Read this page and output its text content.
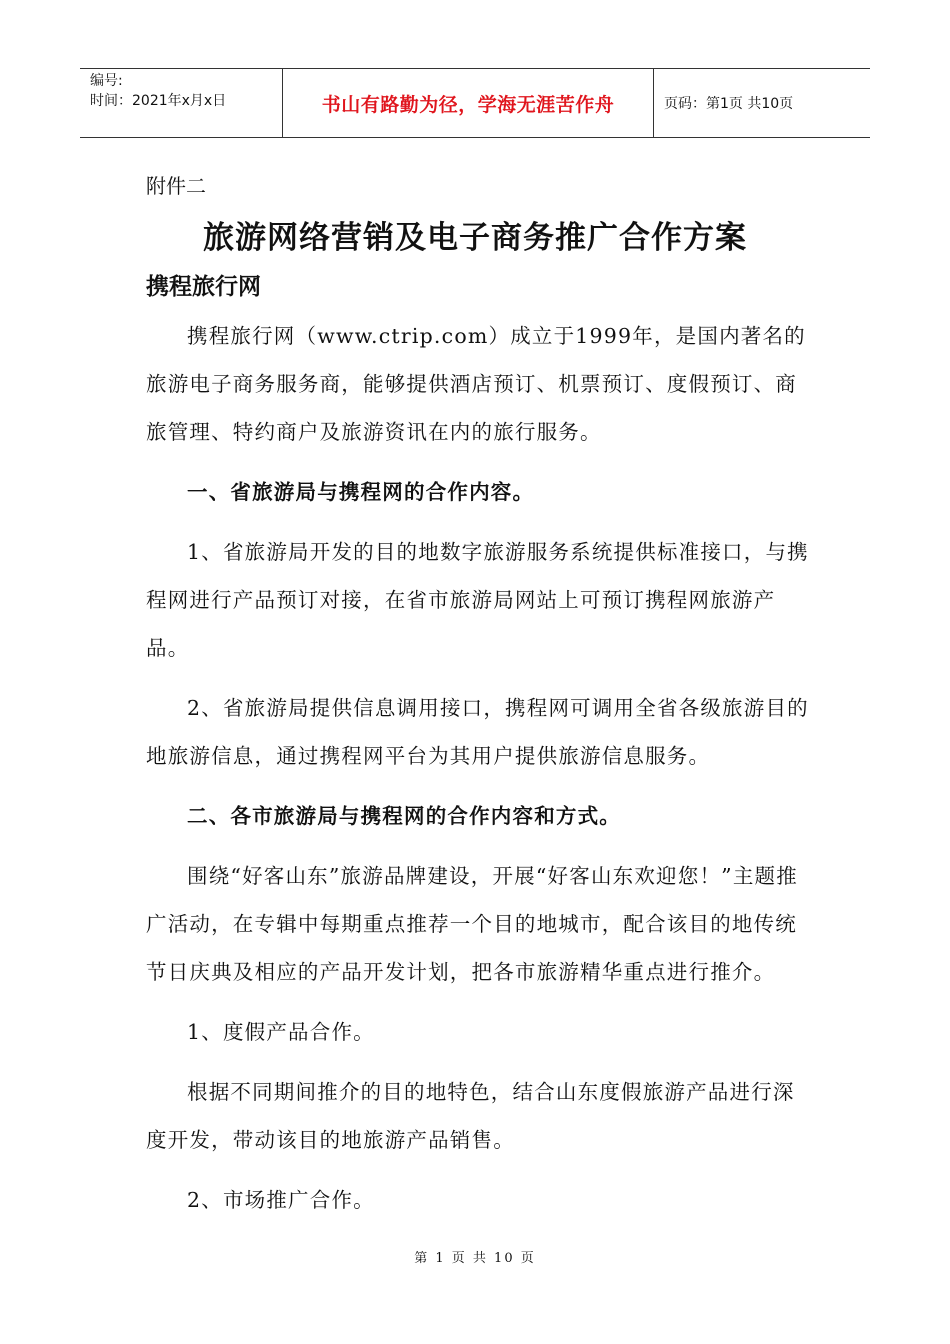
编号:
时间：2021年x月x日	书山有路勤为径，学海无涯苦作舟	页码：第1页 共10页
附件二
旅游网络营销及电子商务推广合作方案
携程旅行网

携程旅行网（www.ctrip.com）成立于1999年，是国内著名的旅游电子商务服务商，能够提供酒店预订、机票预订、度假预订、商旅管理、特约商户及旅游资讯在内的旅行服务。

一、省旅游局与携程网的合作内容。

1、省旅游局开发的目的地数字旅游服务系统提供标准接口，与携程网进行产品预订对接，在省市旅游局网站上可预订携程网旅游产品。

2、省旅游局提供信息调用接口，携程网可调用全省各级旅游目的地旅游信息，通过携程网平台为其用户提供旅游信息服务。

二、各市旅游局与携程网的合作内容和方式。

围绕“好客山东”旅游品牌建设，开展“好客山东欢迎您！”主题推广活动，在专辑中每期重点推荐一个目的地城市，配合该目的地传统节日庆典及相应的产品开发计划，把各市旅游精华重点进行推介。

1、度假产品合作。

根据不同期间推介的目的地特色，结合山东度假旅游产品进行深度开发，带动该目的地旅游产品销售。

2、市场推广合作。

第 1 页 共 10 页
